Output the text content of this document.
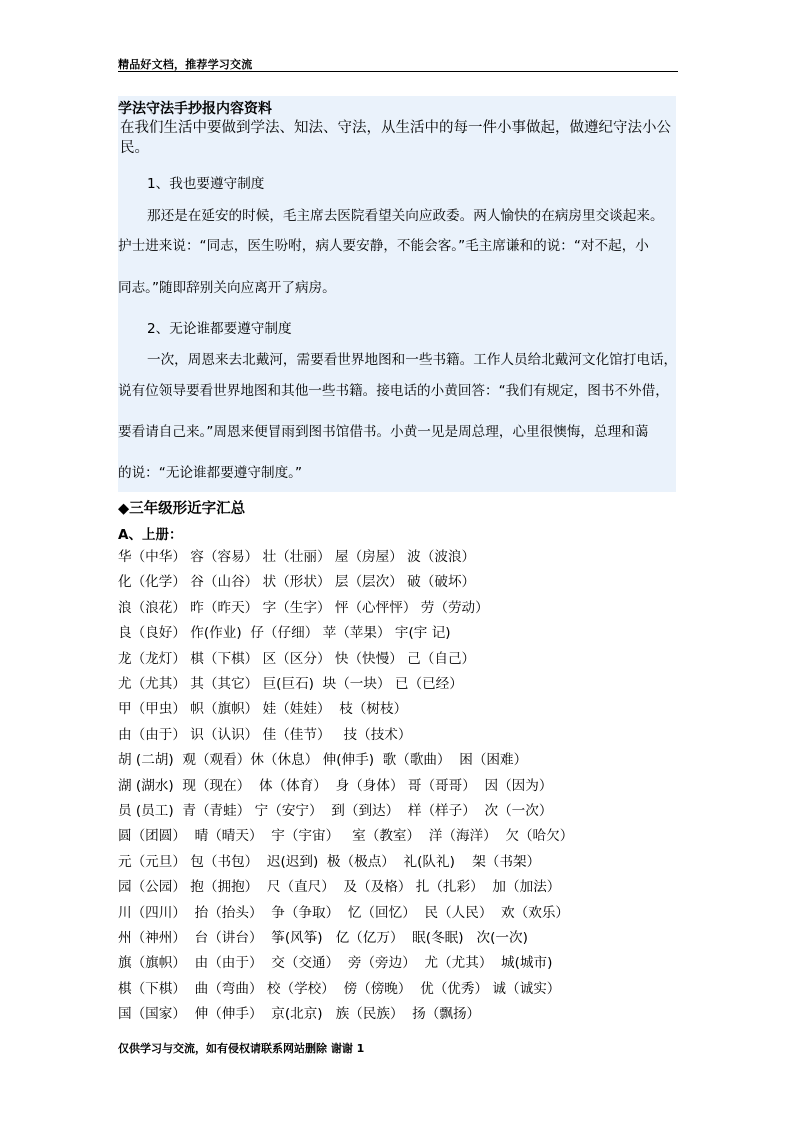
精品好文档，推荐学习交流
学法守法手抄报内容资料
在我们生活中要做到学法、知法、守法，从生活中的每一件小事做起，做遵纪守法小公民。
1、我也要遵守制度
那还是在延安的时候，毛主席去医院看望关向应政委。两人愉快的在病房里交谈起来。
护士进来说：“同志，医生吩咐，病人要安静，不能会客。”毛主席谦和的说：“对不起，小
同志。”随即辞别关向应离开了病房。
2、无论谁都要遵守制度
一次，周恩来去北戴河，需要看世界地图和一些书籍。工作人员给北戴河文化馆打电话，
说有位领导要看世界地图和其他一些书籍。接电话的小黄回答：“我们有规定，图书不外借，
要看请自己来。”周恩来便冒雨到图书馆借书。小黄一见是周总理，心里很懊悔，总理和蔼
的说：“无论谁都要遵守制度。”
◆三年级形近字汇总
A、上册：
华（中华） 容（容易） 壮（壮丽） 屋（房屋） 波（波浪）
化（化学） 谷（山谷） 状（形状） 层（层次） 破（破坏）
浪（浪花） 昨（昨天） 字（生字） 怦（心怦怦） 劳（劳动）
良（良好） 作(作业)  仔（仔细） 苹（苹果） 宇(宇 记)
龙（龙灯） 棋（下棋） 区（区分） 快（快慢） 己（自己）
尤（尤其） 其（其它） 巨(巨石)  块（一块） 已（已经）
甲（甲虫） 帜（旗帜） 娃（娃娃）  枝（树枝）
由（由于） 识（认识） 佳（佳节）   技（技术）
胡 (二胡)  观（观看）休（休息） 伸(伸手)  歌（歌曲）  困（困难）
湖 (湖水)  现（现在）  体（体育）  身（身体） 哥（哥哥）  因（因为）
员 (员工)  青（青蛙） 宁（安宁）  到（到达）  样（样子）  次（一次）
圆（团圆）  晴（晴天）  宇（宇宙）   室（教室）  洋（海洋）  欠（哈欠）
元（元旦） 包（书包）  迟(迟到)  极（极点）  礼(队礼)    架（书架）
园（公园） 抱（拥抱）  尺（直尺）  及（及格） 扎（扎彩）  加（加法）
川（四川）  抬（抬头）  争（争取）  忆（回忆）  民（人民）  欢（欢乐）
州（神州）  台（讲台）  筝(风筝)   亿（亿万）  眠(冬眠)   次(一次)
旗（旗帜）  由（由于）  交（交通）  旁（旁边）  尤（尤其）  城(城市)
棋（下棋）  曲（弯曲） 校（学校）  傍（傍晚）  优（优秀） 诚（诚实）
国（国家）  伸（伸手）  京(北京)   族（民族）  扬（飘扬）
仅供学习与交流，如有侵权请联系网站删除 谢谢 1
